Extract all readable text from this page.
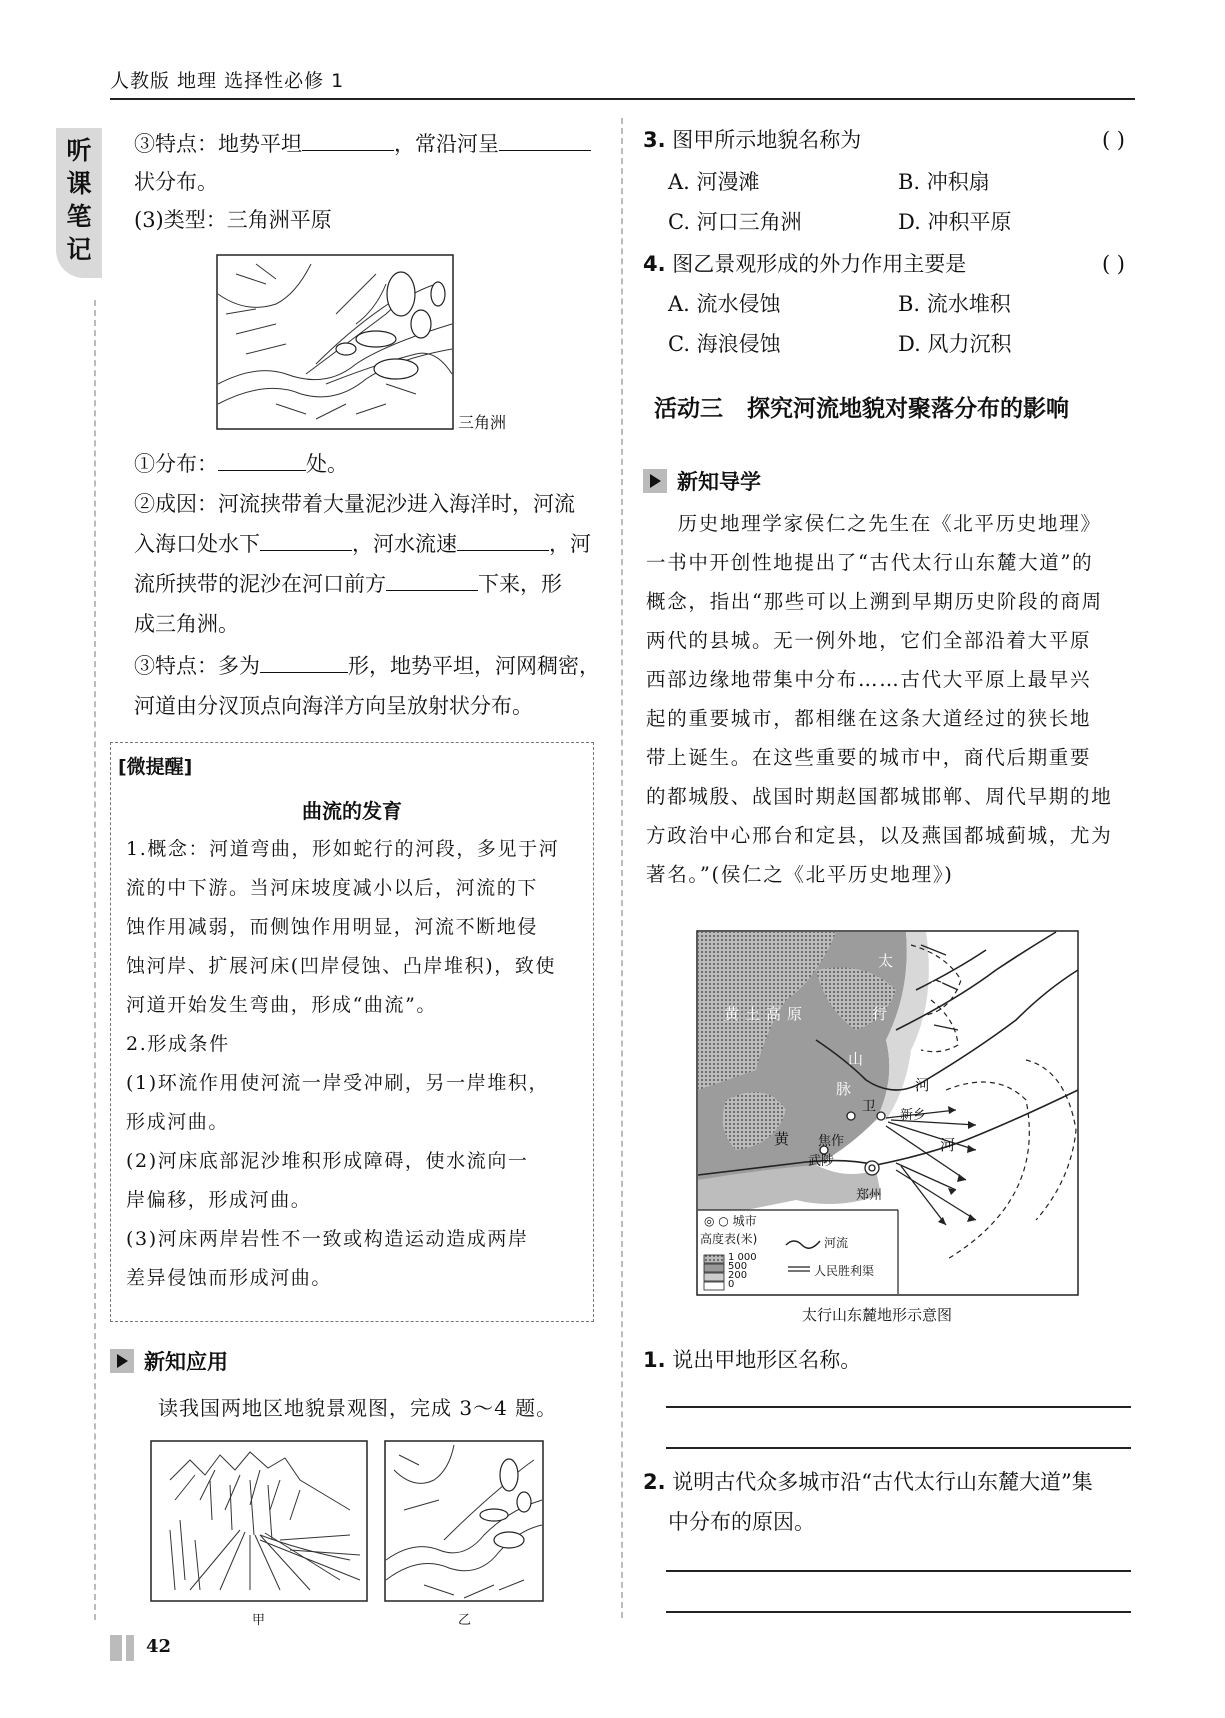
人教版 地理 选择性必修 1
听
课
笔
记
③特点：地势平坦	，常沿河呈
状分布。
(3)类型：三角洲平原
三角洲
①分布：	处。
②成因：河流挟带着大量泥沙进入海洋时，河流
入海口处水下	，河水流速	，河
流所挟带的泥沙在河口前方	下来，形
成三角洲。
③特点：多为	形，地势平坦，河网稠密，
河道由分汊顶点向海洋方向呈放射状分布。
[微提醒]
曲流的发育
1.概念：河道弯曲，形如蛇行的河段，多见于河
流的中下游。当河床坡度减小以后，河流的下
蚀作用减弱，而侧蚀作用明显，河流不断地侵
蚀河岸、扩展河床(凹岸侵蚀、凸岸堆积)，致使
河道开始发生弯曲，形成“曲流”。
2.形成条件
(1)环流作用使河流一岸受冲刷，另一岸堆积，
形成河曲。
(2)河床底部泥沙堆积形成障碍，使水流向一
岸偏移，形成河曲。
(3)河床两岸岩性不一致或构造运动造成两岸
差异侵蚀而形成河曲。
新知应用
读我国两地区地貌景观图，完成 3～4 题。
甲	乙
3. 图甲所示地貌名称为	( )
A. 河漫滩	B. 冲积扇
C. 河口三角洲	D. 冲积平原
4. 图乙景观形成的外力作用主要是	( )
A. 流水侵蚀	B. 流水堆积
C. 海浪侵蚀	D. 风力沉积
活动三   探究河流地貌对聚落分布的影响
新知导学
历史地理学家侯仁之先生在《北平历史地理》
一书中开创性地提出了“古代太行山东麓大道”的
概念，指出“那些可以上溯到早期历史阶段的商周
两代的县城。无一例外地，它们全部沿着大平原
西部边缘地带集中分布……古代大平原上最早兴
起的重要城市，都相继在这条大道经过的狭长地
带上诞生。在这些重要的城市中，商代后期重要
的都城殷、战国时期赵国都城邯郸、周代早期的地
方政治中心邢台和定县，以及燕国都城蓟城，尤为
著名。”(侯仁之《北平历史地理》)
黄土高原
太
甲
行
山
脉	河
卫
新乡
河
黄 焦作
武陟
郑州
◎ ○ 城市
高度表(米)
1 000
500
200
0
河流
人民胜利渠
太行山东麓地形示意图
1. 说出甲地形区名称。
2. 说明古代众多城市沿“古代太行山东麓大道”集
中分布的原因。
42
